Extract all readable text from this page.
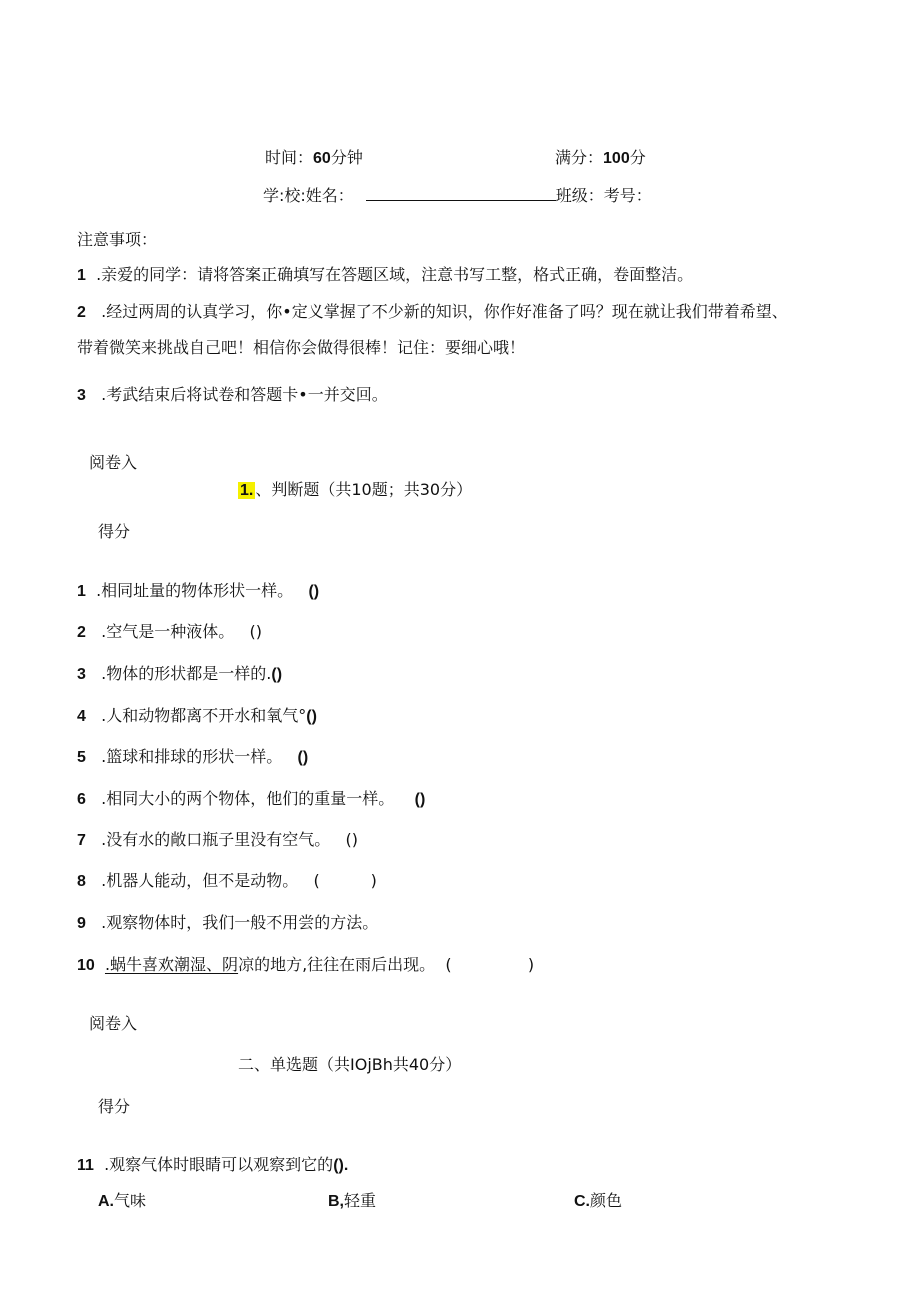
时间：60分钟	满分：100分
学:校:姓名：	班级：考号：
注意事项：
1 .亲爱的同学：请将答案正确填写在答题区域，注意书写工整，格式正确，卷面整洁。
2 .经过两周的认真学习，你•定义掌握了不少新的知识，你作好准备了吗？现在就让我们带着希望、
带着微笑来挑战自己吧！相信你会做得很棒！记住：要细心哦！
3 .考武结束后将试卷和答题卡•一并交回。
阅卷入
1. 、判断题（共10题；共30分）
得分
1 .相同址量的物体形状一样。 ()
2 .空气是一种液体。 ()
3 .物体的形状都是一样的.()
4 .人和动物都离不开水和氧气°()
5 .篮球和排球的形状一样。 ()
6 .相同大小的两个物体，他们的重量一样。 ()
7 .没有水的敞口瓶子里没有空气。 ()
8 .机器人能动，但不是动物。 (          )
9 .观察物体时，我们一般不用尝的方法。
10 .蜗牛喜欢潮湿、阴凉的地方,往往在雨后出现。 (               )
阅卷入
二、单选题（共IOjBh共40分）
得分
11 .观察气体时眼睛可以观察到它的().
A.气味	B,轻重	C.颜色
